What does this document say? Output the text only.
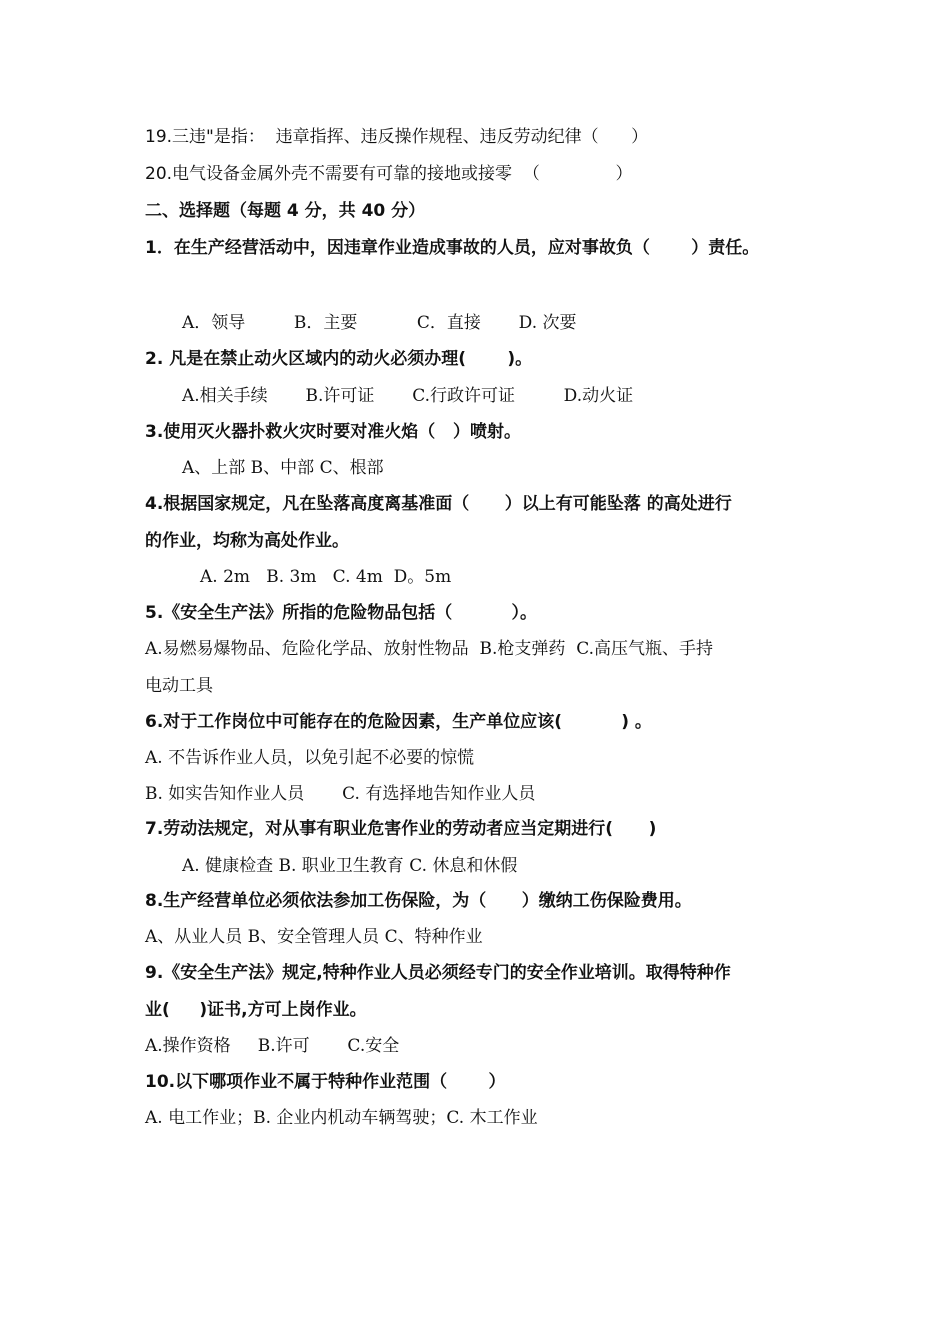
19.三违"是指：  违章指挥、违反操作规程、违反劳动纪律（      ）
20.电气设备金属外壳不需要有可靠的接地或接零  （              ）
二、选择题（每题 4 分，共 40 分）
1．在生产经营活动中，因违章作业造成事故的人员，应对事故负（       ）责任。
A．领导         B．主要           C．直接       D. 次要
2. 凡是在禁止动火区域内的动火必须办理(       )。
A.相关手续       B.许可证       C.行政许可证         D.动火证
3.使用灭火器扑救火灾时要对准火焰（   ）喷射。
A、上部 B、中部 C、根部
4.根据国家规定，凡在坠落高度离基准面（      ）以上有可能坠落 的高处进行
的作业，均称为高处作业。
A. 2m   B. 3m   C. 4m  D。5m
5.《安全生产法》所指的危险物品包括（          ）。
A.易燃易爆物品、危险化学品、放射性物品  B.枪支弹药  C.高压气瓶、手持
电动工具
6.对于工作岗位中可能存在的危险因素，生产单位应该(          ) 。
A. 不告诉作业人员，以免引起不必要的惊慌
B. 如实告知作业人员       C. 有选择地告知作业人员
7.劳动法规定，对从事有职业危害作业的劳动者应当定期进行(      )
A. 健康检查 B. 职业卫生教育 C. 休息和休假
8.生产经营单位必须依法参加工伤保险，为（      ）缴纳工伤保险费用。
A、从业人员 B、安全管理人员 C、特种作业
9.《安全生产法》规定,特种作业人员必须经专门的安全作业培训。取得特种作
业(     )证书,方可上岗作业。
A.操作资格     B.许可       C.安全
10.以下哪项作业不属于特种作业范围（       ）
A. 电工作业；B. 企业内机动车辆驾驶；C. 木工作业
